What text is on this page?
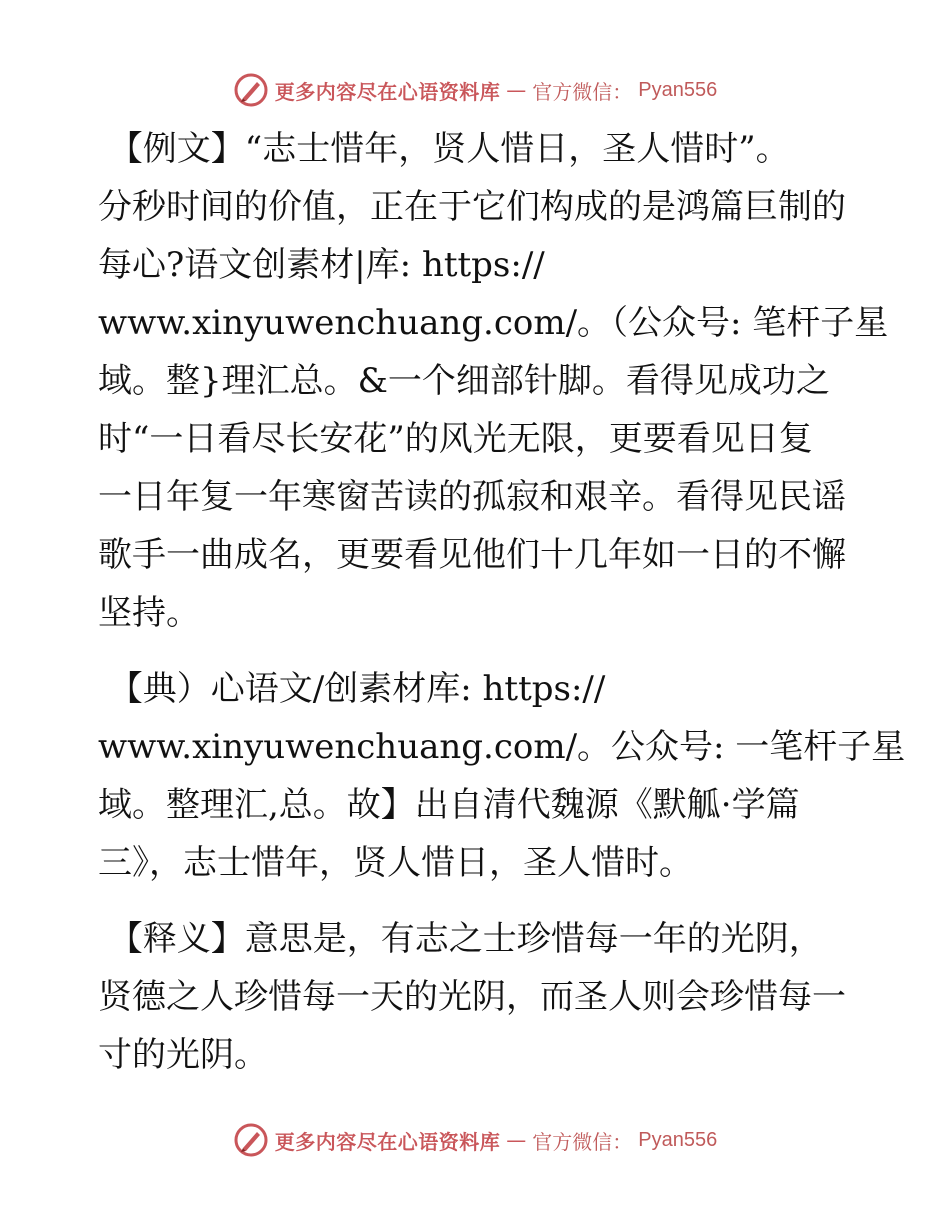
更多内容尽在心语资料库 — 官方微信： Pyan556
【例文】“志士惜年，贤人惜日，圣人惜时”。
分秒时间的价值，正在于它们构成的是鸿篇巨制的
每心?语文创素材|库: https://
www.xinyuwenchuang.com/。（公众号: 笔杆子星
域。整}理汇总。&一个细部针脚。看得见成功之
时“一日看尽长安花”的风光无限，更要看见日复
一日年复一年寒窗苦读的孤寂和艰辛。看得见民谣
歌手一曲成名，更要看见他们十几年如一日的不懈
坚持。
【典）心语文/创素材库: https://
www.xinyuwenchuang.com/。公众号: 一笔杆子星
域。整理汇,总。故】出自清代魏源《默觚·学篇
三》，志士惜年，贤人惜日，圣人惜时。
【释义】意思是，有志之士珍惜每一年的光阴，
贤德之人珍惜每一天的光阴，而圣人则会珍惜每一
寸的光阴。
更多内容尽在心语资料库 — 官方微信： Pyan556
